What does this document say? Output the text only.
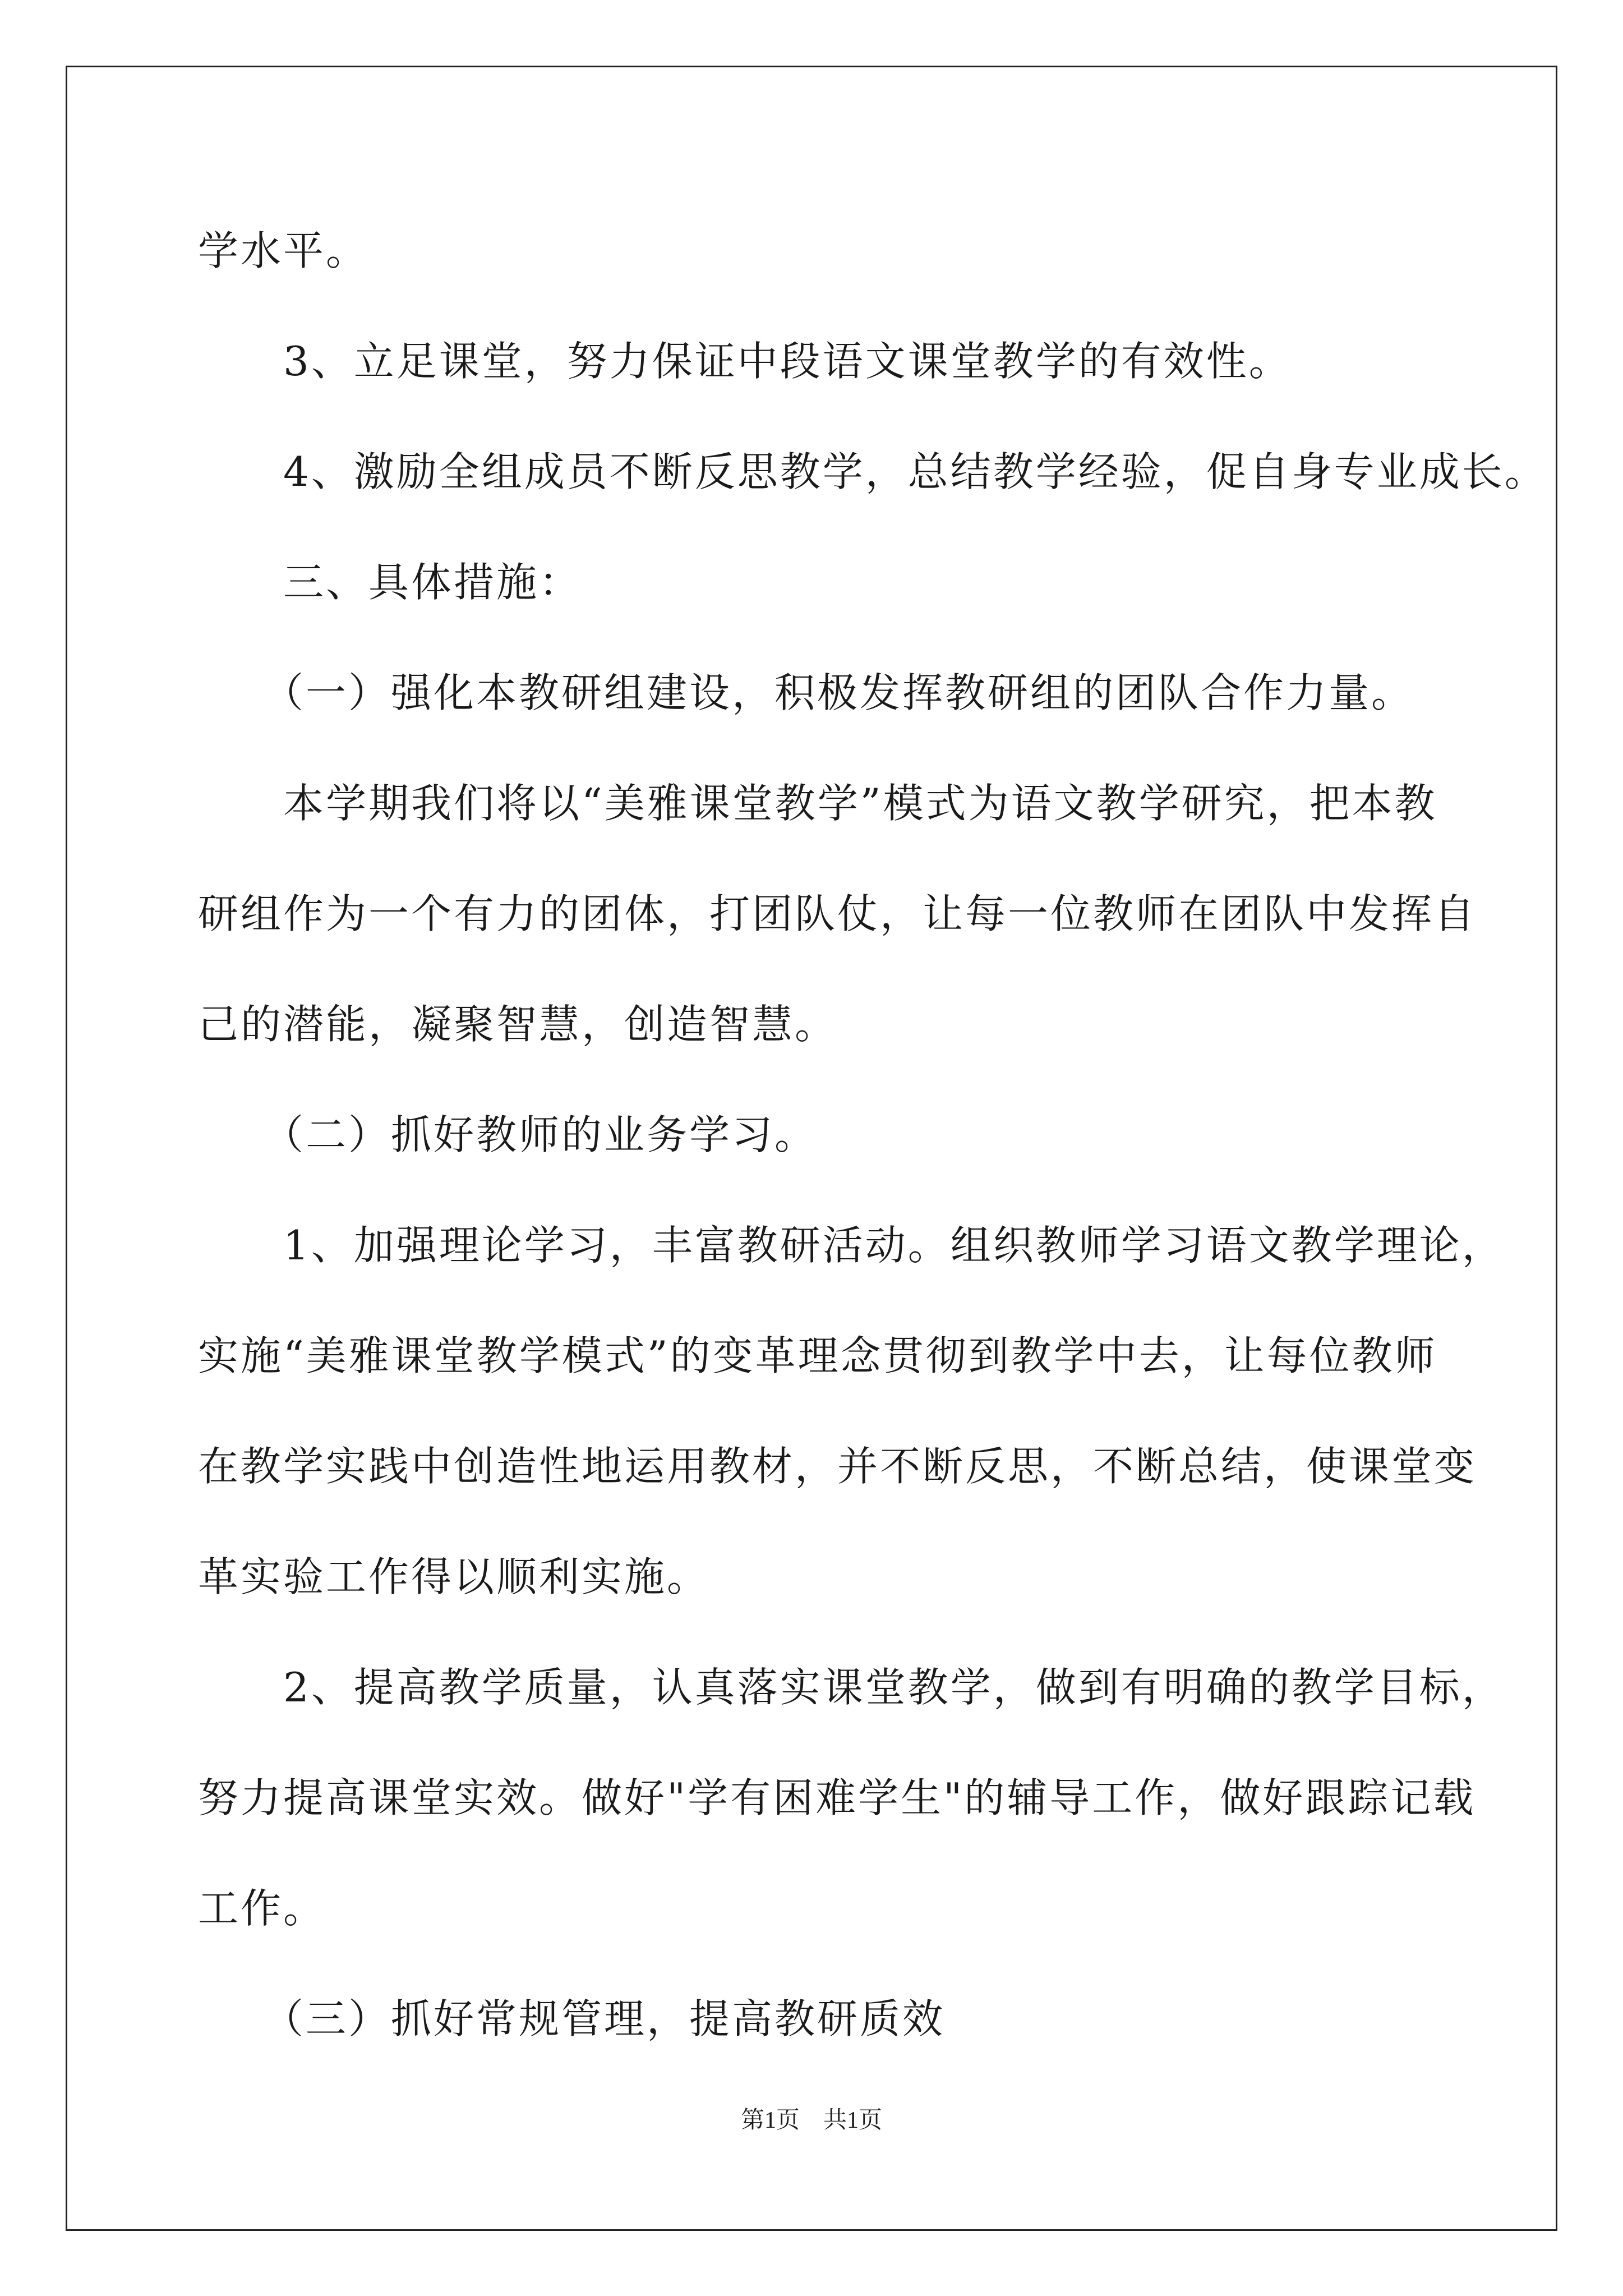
学水平。
　　3、立足课堂，努力保证中段语文课堂教学的有效性。
　　4、激励全组成员不断反思教学，总结教学经验，促自身专业成长。
　　三、具体措施：
　　（一）强化本教研组建设，积极发挥教研组的团队合作力量。
　　本学期我们将以“美雅课堂教学”模式为语文教学研究，把本教
研组作为一个有力的团体，打团队仗，让每一位教师在团队中发挥自
己的潜能，凝聚智慧，创造智慧。
　　（二）抓好教师的业务学习。
　　1、加强理论学习，丰富教研活动。组织教师学习语文教学理论，
实施“美雅课堂教学模式”的变革理念贯彻到教学中去，让每位教师
在教学实践中创造性地运用教材，并不断反思，不断总结，使课堂变
革实验工作得以顺利实施。
　　2、提高教学质量，认真落实课堂教学，做到有明确的教学目标，
努力提高课堂实效。做好"学有困难学生"的辅导工作，做好跟踪记载
工作。
　　（三）抓好常规管理，提高教研质效
第1页　共1页
